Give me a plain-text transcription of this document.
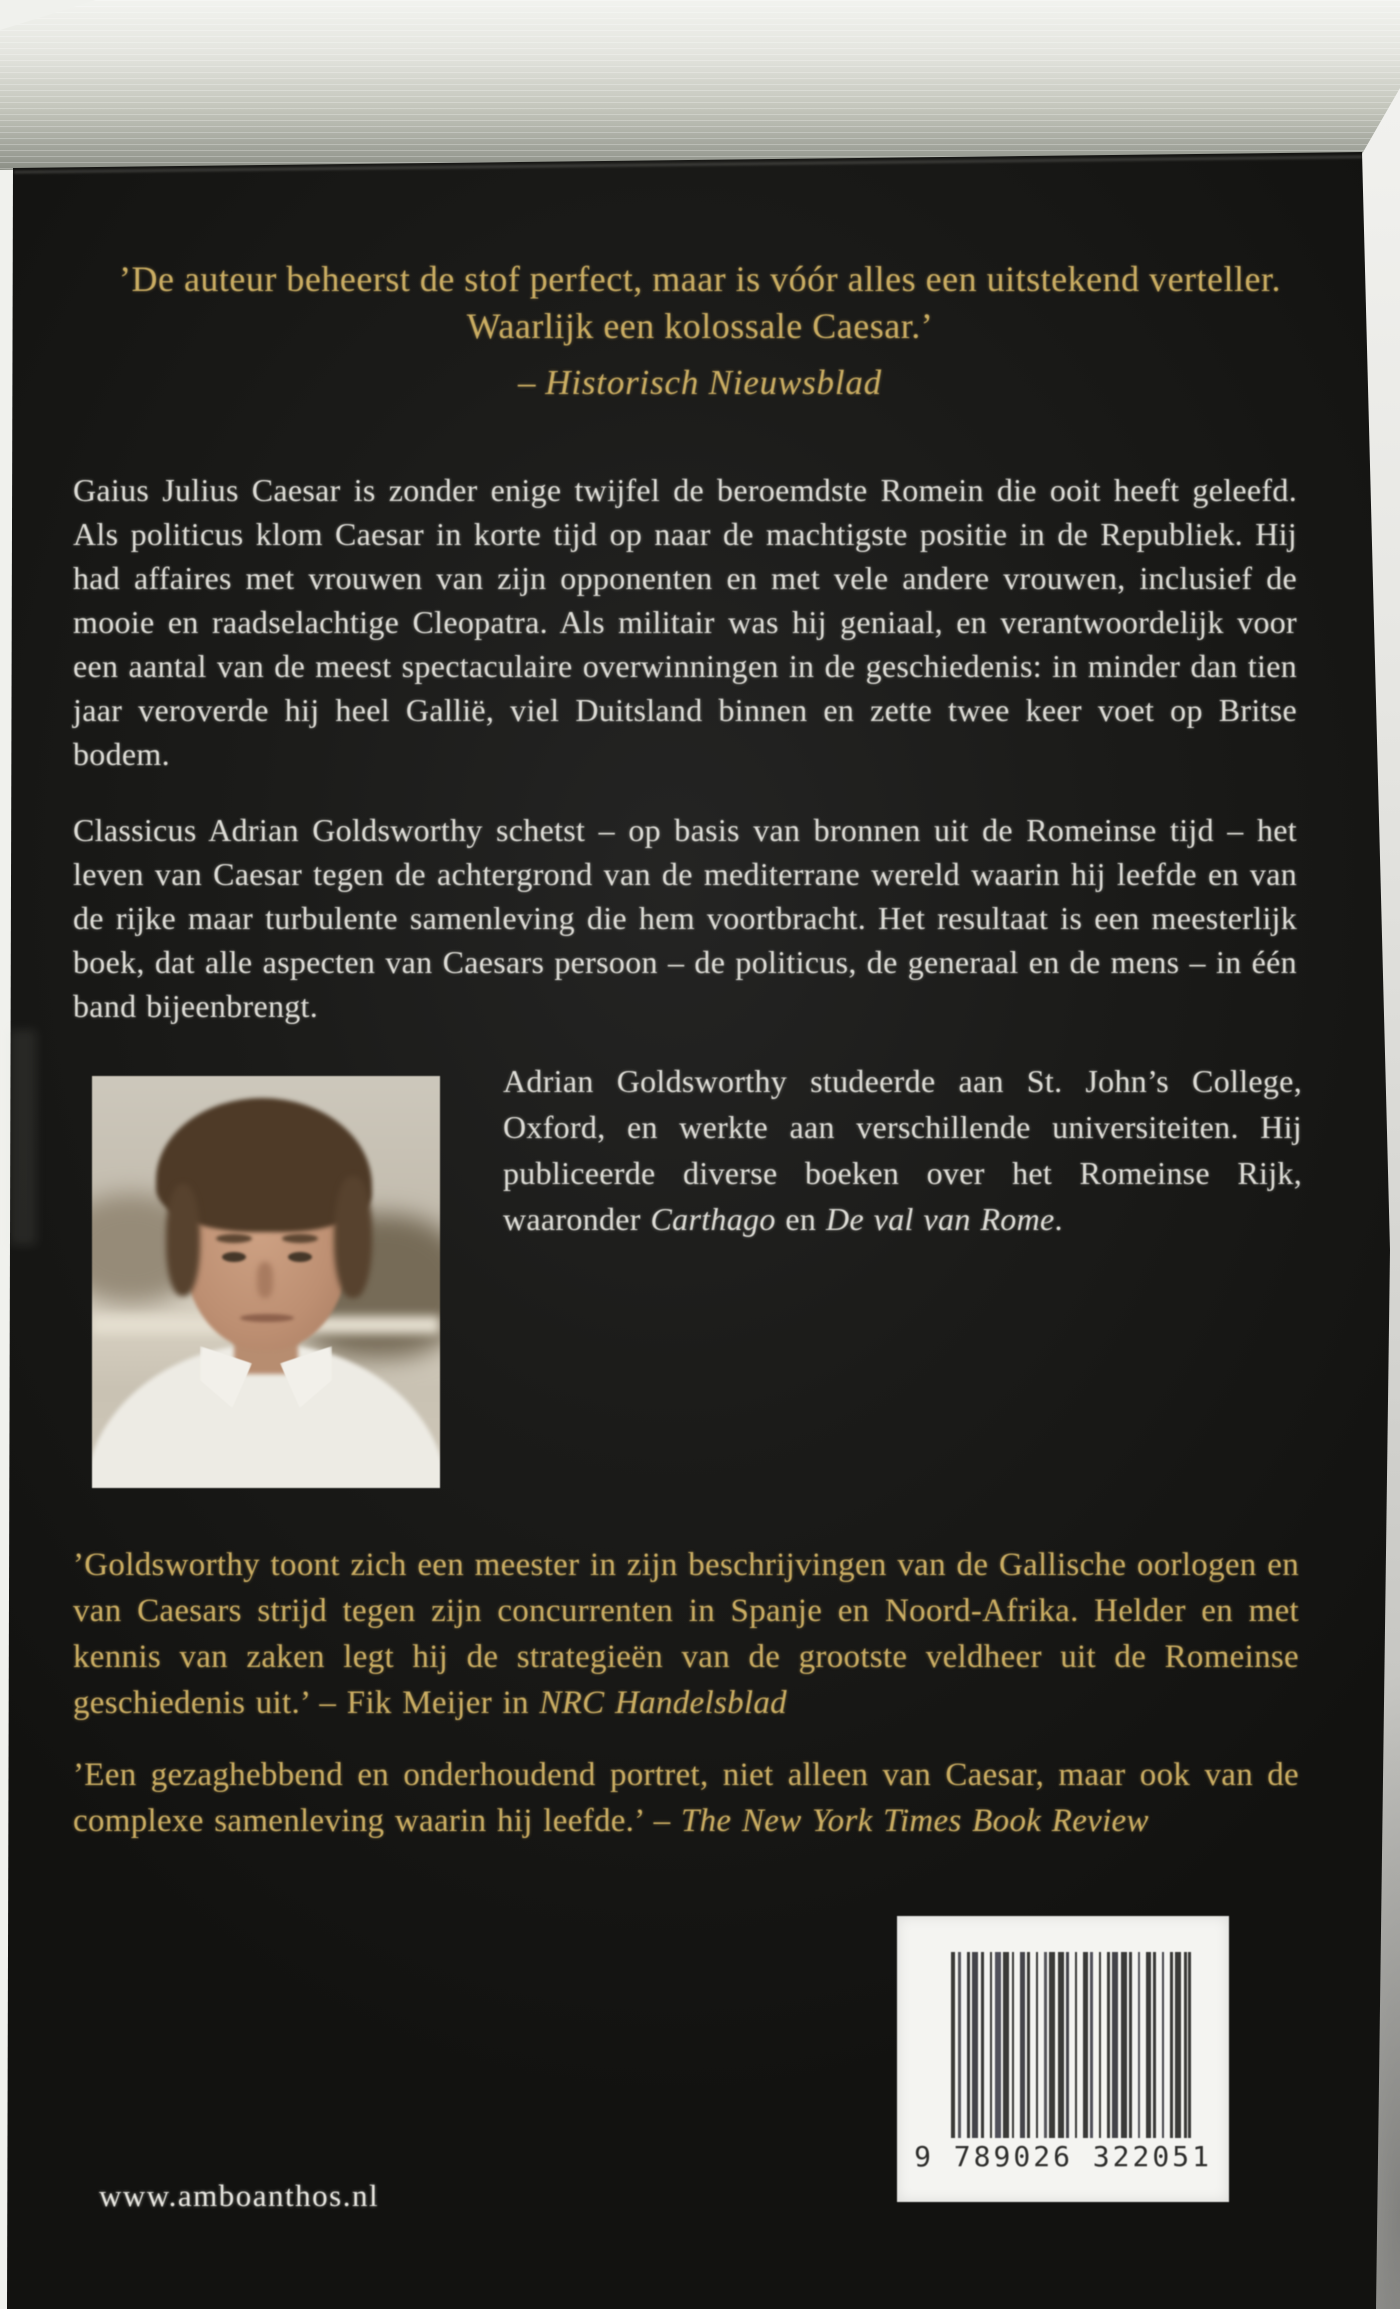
’De auteur beheerst de stof perfect, maar is vóór alles een uitstekend verteller. Waarlijk een kolossale Caesar.’
– Historisch Nieuwsblad

Gaius Julius Caesar is zonder enige twijfel de beroemdste Romein die ooit heeft geleefd. Als politicus klom Caesar in korte tijd op naar de machtigste positie in de Republiek. Hij had affaires met vrouwen van zijn opponenten en met vele andere vrouwen, inclusief de mooie en raadselachtige Cleopatra. Als militair was hij geniaal, en verantwoordelijk voor een aantal van de meest spectaculaire overwinningen in de geschiedenis: in minder dan tien jaar veroverde hij heel Gallië, viel Duitsland binnen en zette twee keer voet op Britse bodem.

Classicus Adrian Goldsworthy schetst – op basis van bronnen uit de Romeinse tijd – het leven van Caesar tegen de achtergrond van de mediterrane wereld waarin hij leefde en van de rijke maar turbulente samenleving die hem voortbracht. Het resultaat is een meesterlijk boek, dat alle aspecten van Caesars persoon – de politicus, de generaal en de mens – in één band bijeenbrengt.

Adrian Goldsworthy studeerde aan St. John’s College, Oxford, en werkte aan verschillende universiteiten. Hij publiceerde diverse boeken over het Romeinse Rijk, waaronder Carthago en De val van Rome.

’Goldsworthy toont zich een meester in zijn beschrijvingen van de Gallische oorlogen en van Caesars strijd tegen zijn concurrenten in Spanje en Noord-Afrika. Helder en met kennis van zaken legt hij de strategieën van de grootste veldheer uit de Romeinse geschiedenis uit.’ – Fik Meijer in NRC Handelsblad

’Een gezaghebbend en onderhoudend portret, niet alleen van Caesar, maar ook van de complexe samenleving waarin hij leefde.’ – The New York Times Book Review

9 789026 322051
www.amboanthos.nl
